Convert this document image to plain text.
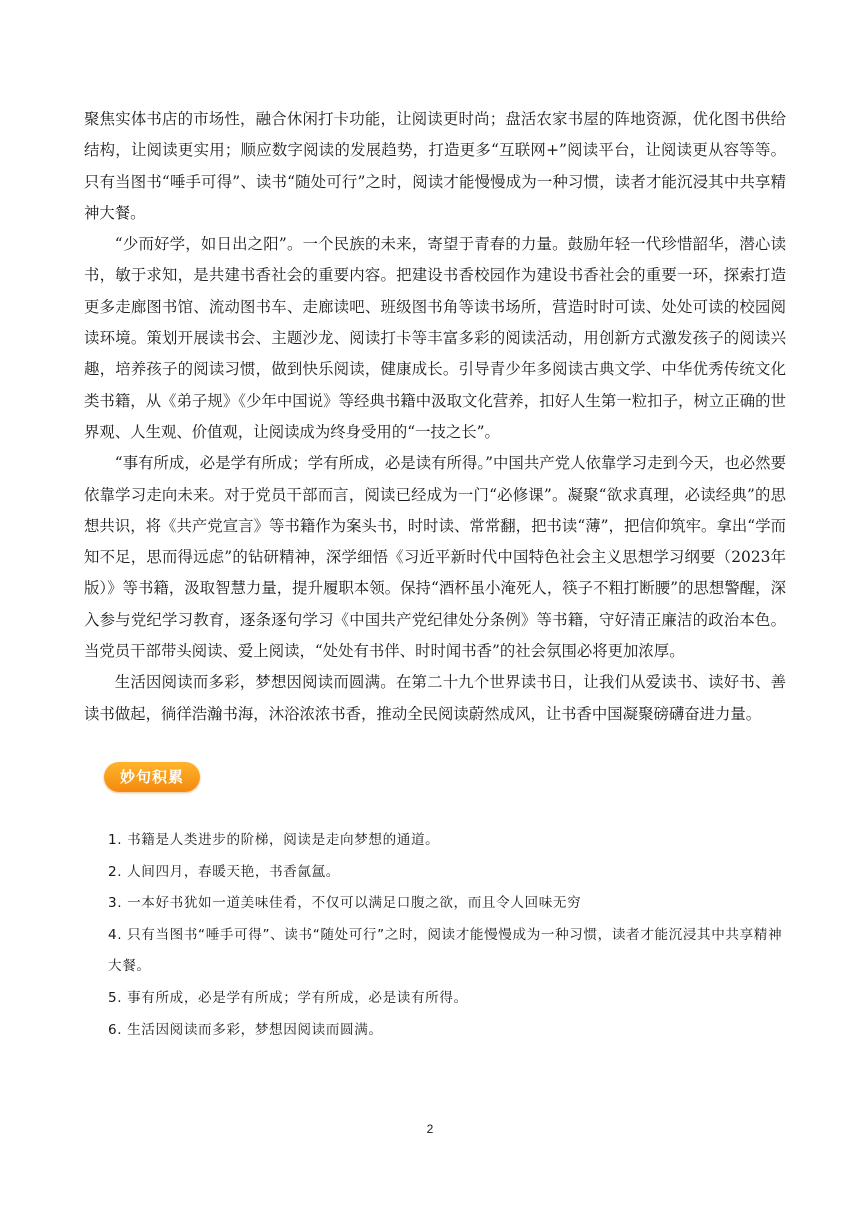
聚焦实体书店的市场性，融合休闲打卡功能，让阅读更时尚；盘活农家书屋的阵地资源，优化图书供给结构，让阅读更实用；顺应数字阅读的发展趋势，打造更多“互联网+”阅读平台，让阅读更从容等等。只有当图书“唾手可得”、读书“随处可行”之时，阅读才能慢慢成为一种习惯，读者才能沉浸其中共享精神大餐。

“少而好学，如日出之阳”。一个民族的未来，寄望于青春的力量。鼓励年轻一代珍惜韶华，潜心读书，敏于求知，是共建书香社会的重要内容。把建设书香校园作为建设书香社会的重要一环，探索打造更多走廊图书馆、流动图书车、走廊读吧、班级图书角等读书场所，营造时时可读、处处可读的校园阅读环境。策划开展读书会、主题沙龙、阅读打卡等丰富多彩的阅读活动，用创新方式激发孩子的阅读兴趣，培养孩子的阅读习惯，做到快乐阅读，健康成长。引导青少年多阅读古典文学、中华优秀传统文化类书籍，从《弟子规》《少年中国说》等经典书籍中汲取文化营养，扣好人生第一粒扣子，树立正确的世界观、人生观、价值观，让阅读成为终身受用的“一技之长”。

“事有所成，必是学有所成；学有所成，必是读有所得。”中国共产党人依靠学习走到今天，也必然要依靠学习走向未来。对于党员干部而言，阅读已经成为一门“必修课”。凝聚“欲求真理，必读经典”的思想共识，将《共产党宣言》等书籍作为案头书，时时读、常常翻，把书读“薄”，把信仰筑牢。拿出“学而知不足，思而得远虑”的钻研精神，深学细悟《习近平新时代中国特色社会主义思想学习纲要（2023年版）》等书籍，汲取智慧力量，提升履职本领。保持“酒杯虽小淹死人，筷子不粗打断腰”的思想警醒，深入参与党纪学习教育，逐条逐句学习《中国共产党纪律处分条例》等书籍，守好清正廉洁的政治本色。当党员干部带头阅读、爱上阅读，“处处有书伴、时时闻书香”的社会氛围必将更加浓厚。

生活因阅读而多彩，梦想因阅读而圆满。在第二十九个世界读书日，让我们从爱读书、读好书、善读书做起，徜徉浩瀚书海，沐浴浓浓书香，推动全民阅读蔚然成风，让书香中国凝聚磅礴奋进力量。

妙句积累

1. 书籍是人类进步的阶梯，阅读是走向梦想的通道。

2. 人间四月，春暖天艳，书香氤氲。

3. 一本好书犹如一道美味佳肴，不仅可以满足口腹之欲，而且令人回味无穷

4. 只有当图书“唾手可得”、读书“随处可行”之时，阅读才能慢慢成为一种习惯，读者才能沉浸其中共享精神大餐。

5. 事有所成，必是学有所成；学有所成，必是读有所得。

6. 生活因阅读而多彩，梦想因阅读而圆满。

2
